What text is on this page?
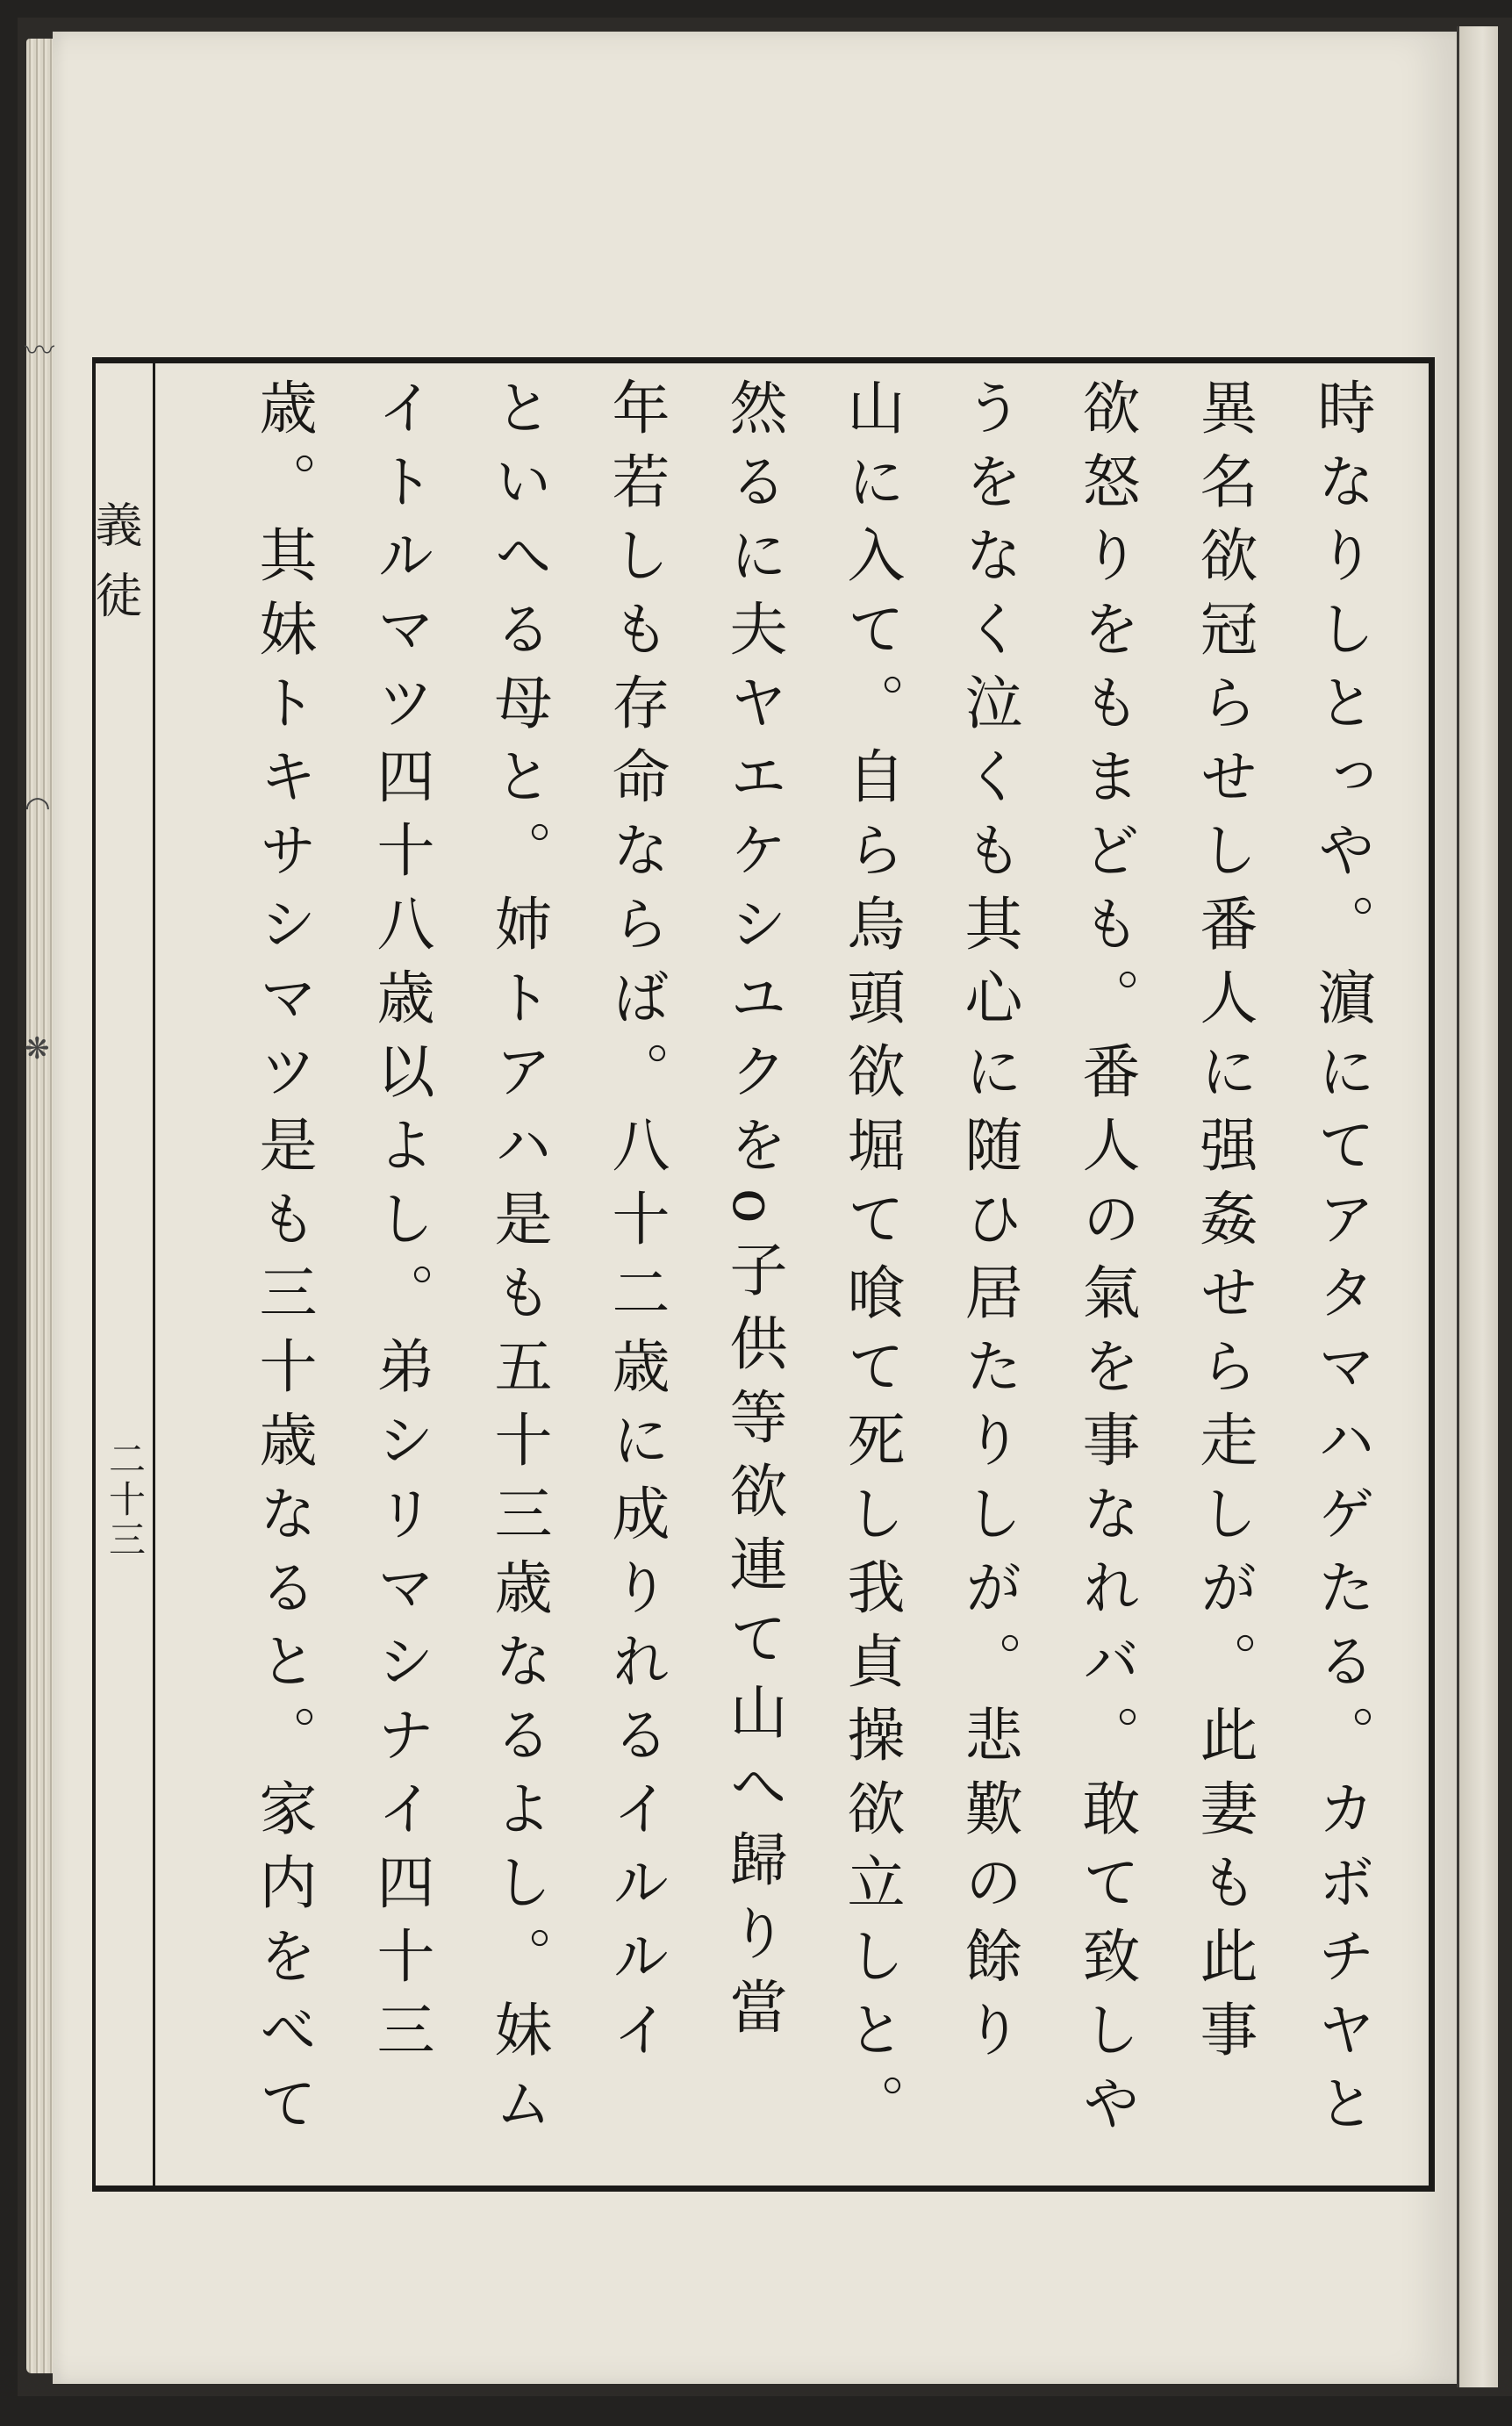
〰
◠
❋
義徒
二十三	時なりしとっや。濵にてアタマハゲたる。カボチヤと
異名欲冠らせし番人に强姦せら走しが。此妻も此事
欲怒りをもまども。番人の氣を事なれバ。敢て致しや
うをなく泣くも其心に随ひ居たりしが。悲歎の餘り
山に入て。自ら烏頭欲堀て喰て死し我貞操欲立しと。
然るに夫ヤエケシユクをo子供等欲連て山へ歸り當
年若しも存命ならば。八十二歳に成りれるイルルイ
といへる母と。姉トアハ是も五十三歳なるよし。妹ム
イトルマツ四十八歳以よし。弟シリマシナイ四十三
歳。其妹トキサシマツ是も三十歳なると。家内をべて
